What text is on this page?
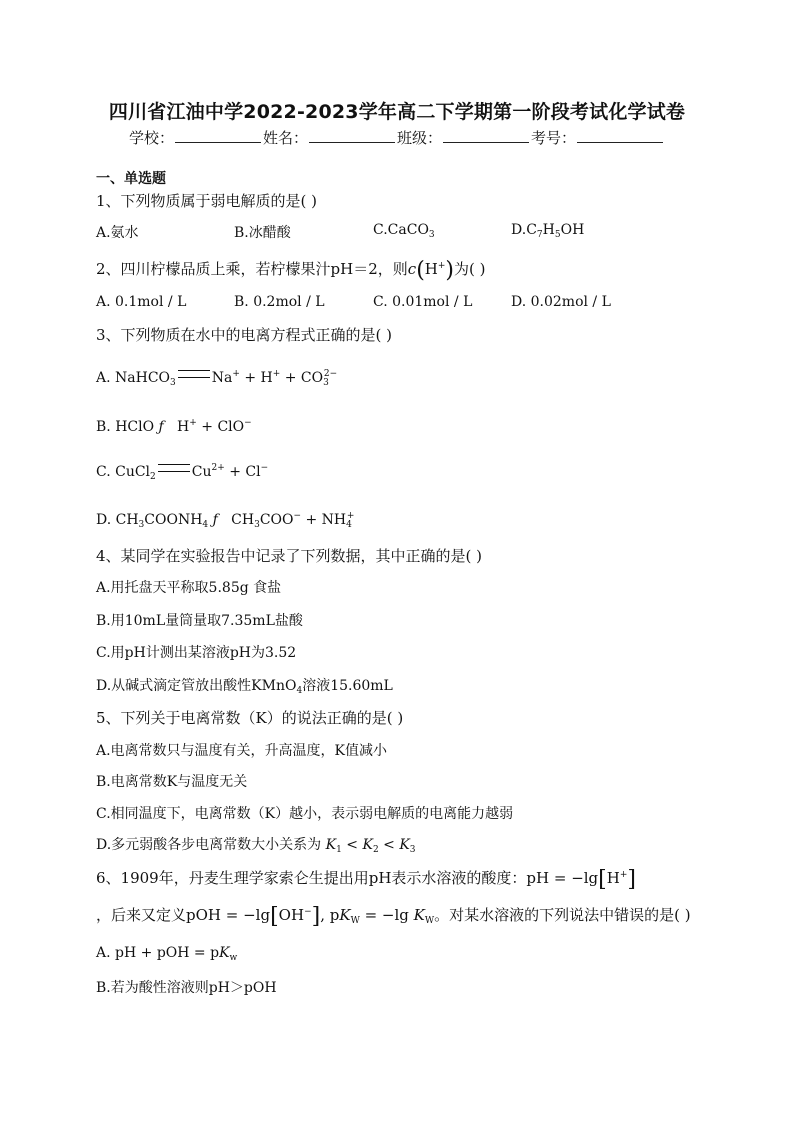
四川省江油中学2022-2023学年高二下学期第一阶段考试化学试卷
学校：	姓名：	班级：	考号：
一、单选题
1、下列物质属于弱电解质的是( )
A.氨水	B.冰醋酸	C.CaCO$_3$	$D.C_7H_5OH$
2、四川柠檬品质上乘，若柠檬果汁pH＝2，则c(H+)为( )
A. 0.1mol / L	B. 0.2mol / L	C. 0.01mol / L	D. 0.02mol / L
3、下列物质在水中的电离方程式正确的是( )
A. NaHCO$_3$	$Na^+ + H^+ + CO_3^{2-}$
B. HClO ƒ   H+ + ClO−
C. CuCl$_2$	$Cu^{2+} + Cl^-$
D. $CH_3COONH_4$ ƒ   $CH_3COO^- + NH_4^+$
4、某同学在实验报告中记录了下列数据，其中正确的是( )
A.用托盘天平称取5.85g 食盐
B.用10mL量筒量取7.35mL盐酸
C.用pH计测出某溶液pH为3.52
D.从碱式滴定管放出酸性KMnO$_4$溶液15.60mL
5、下列关于电离常数（K）的说法正确的是( )
A.电离常数只与温度有关，升高温度，K值减小
B.电离常数K与温度无关
C.相同温度下，电离常数（K）越小，表示弱电解质的电离能力越弱
D.多元弱酸各步电离常数大小关系为 $K_1 < K_2 < K_3$
6、1909年，丹麦生理学家索仑生提出用pH表示水溶液的酸度：pH = −lg[H+]
，后来又定义pOH = −lg[OH−], $pK_W = -\lg$ $K_W$。对某水溶液的下列说法中错误的是( )
A. pH + pOH = $pK_w$
B.若为酸性溶液则pH＞pOH
